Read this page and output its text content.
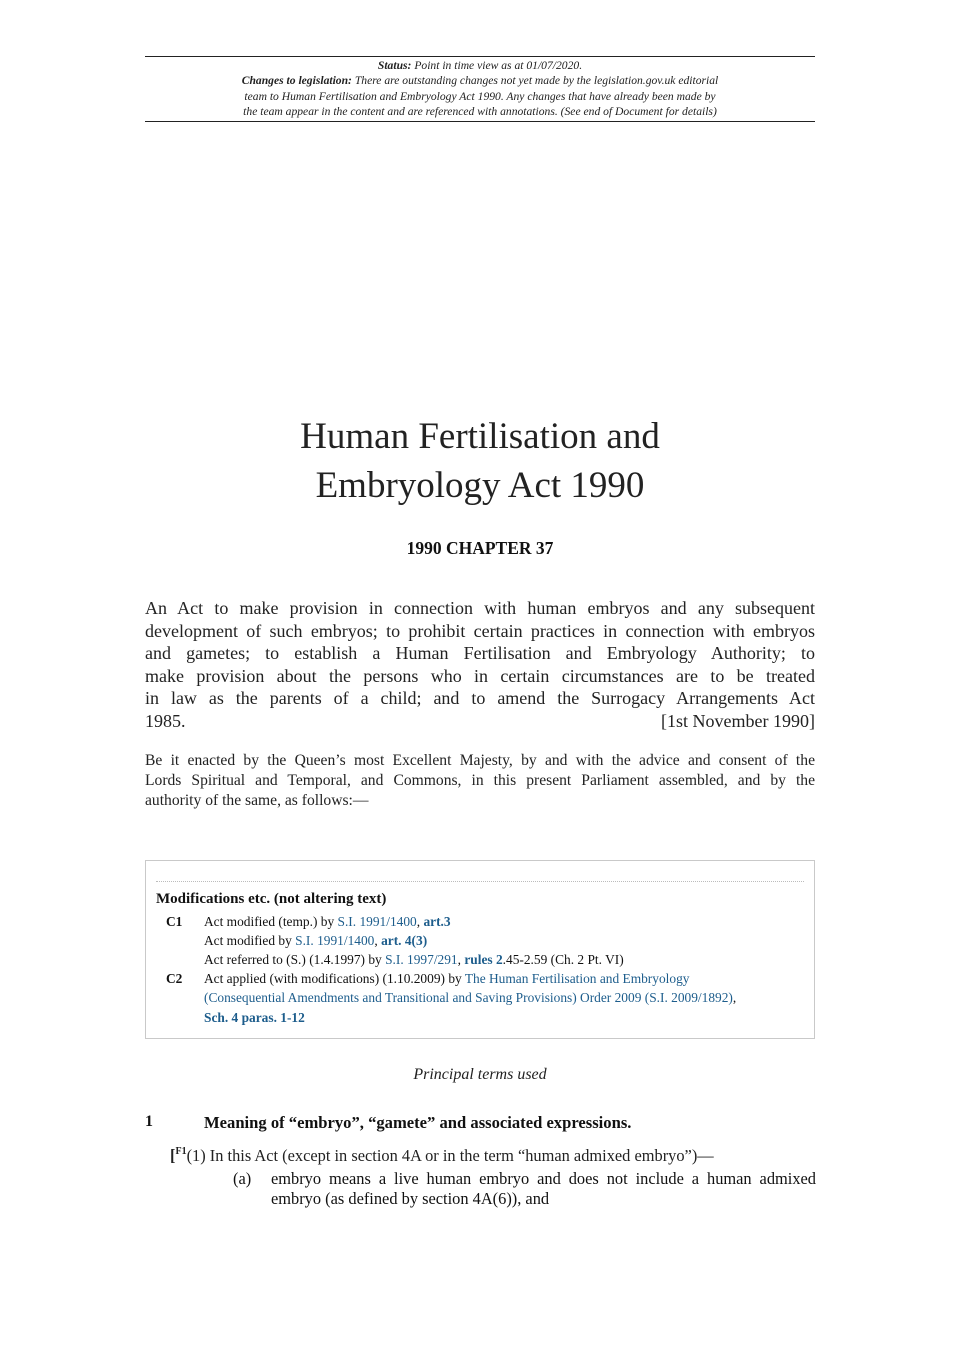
Status: Point in time view as at 01/07/2020.
Changes to legislation: There are outstanding changes not yet made by the legislation.gov.uk editorial
team to Human Fertilisation and Embryology Act 1990. Any changes that have already been made by
the team appear in the content and are referenced with annotations. (See end of Document for details)
Human Fertilisation and
Embryology Act 1990
1990 CHAPTER 37
An Act to make provision in connection with human embryos and any subsequent
development of such embryos; to prohibit certain practices in connection with embryos
and gametes; to establish a Human Fertilisation and Embryology Authority; to
make provision about the persons who in certain circumstances are to be treated
in law as the parents of a child; and to amend the Surrogacy Arrangements Act
1985.	[1st November 1990]
Be it enacted by the Queen’s most Excellent Majesty, by and with the advice and consent of the
Lords Spiritual and Temporal, and Commons, in this present Parliament assembled, and by the
authority of the same, as follows:—
Modifications etc. (not altering text)
C1 Act modified (temp.) by S.I. 1991/1400, art.3
Act modified by S.I. 1991/1400, art. 4(3)
Act referred to (S.) (1.4.1997) by S.I. 1997/291, rules 2.45-2.59 (Ch. 2 Pt. VI)
C2 Act applied (with modifications) (1.10.2009) by The Human Fertilisation and Embryology
(Consequential Amendments and Transitional and Saving Provisions) Order 2009 (S.I. 2009/1892),
Sch. 4 paras. 1-12
Principal terms used
1	Meaning of “embryo”, “gamete” and associated expressions.
[$^{F1}$(1) In this Act (except in section 4A or in the term “human admixed embryo”)—
(a) embryo means a live human embryo and does not include a human admixed
embryo (as defined by section 4A(6)), and
